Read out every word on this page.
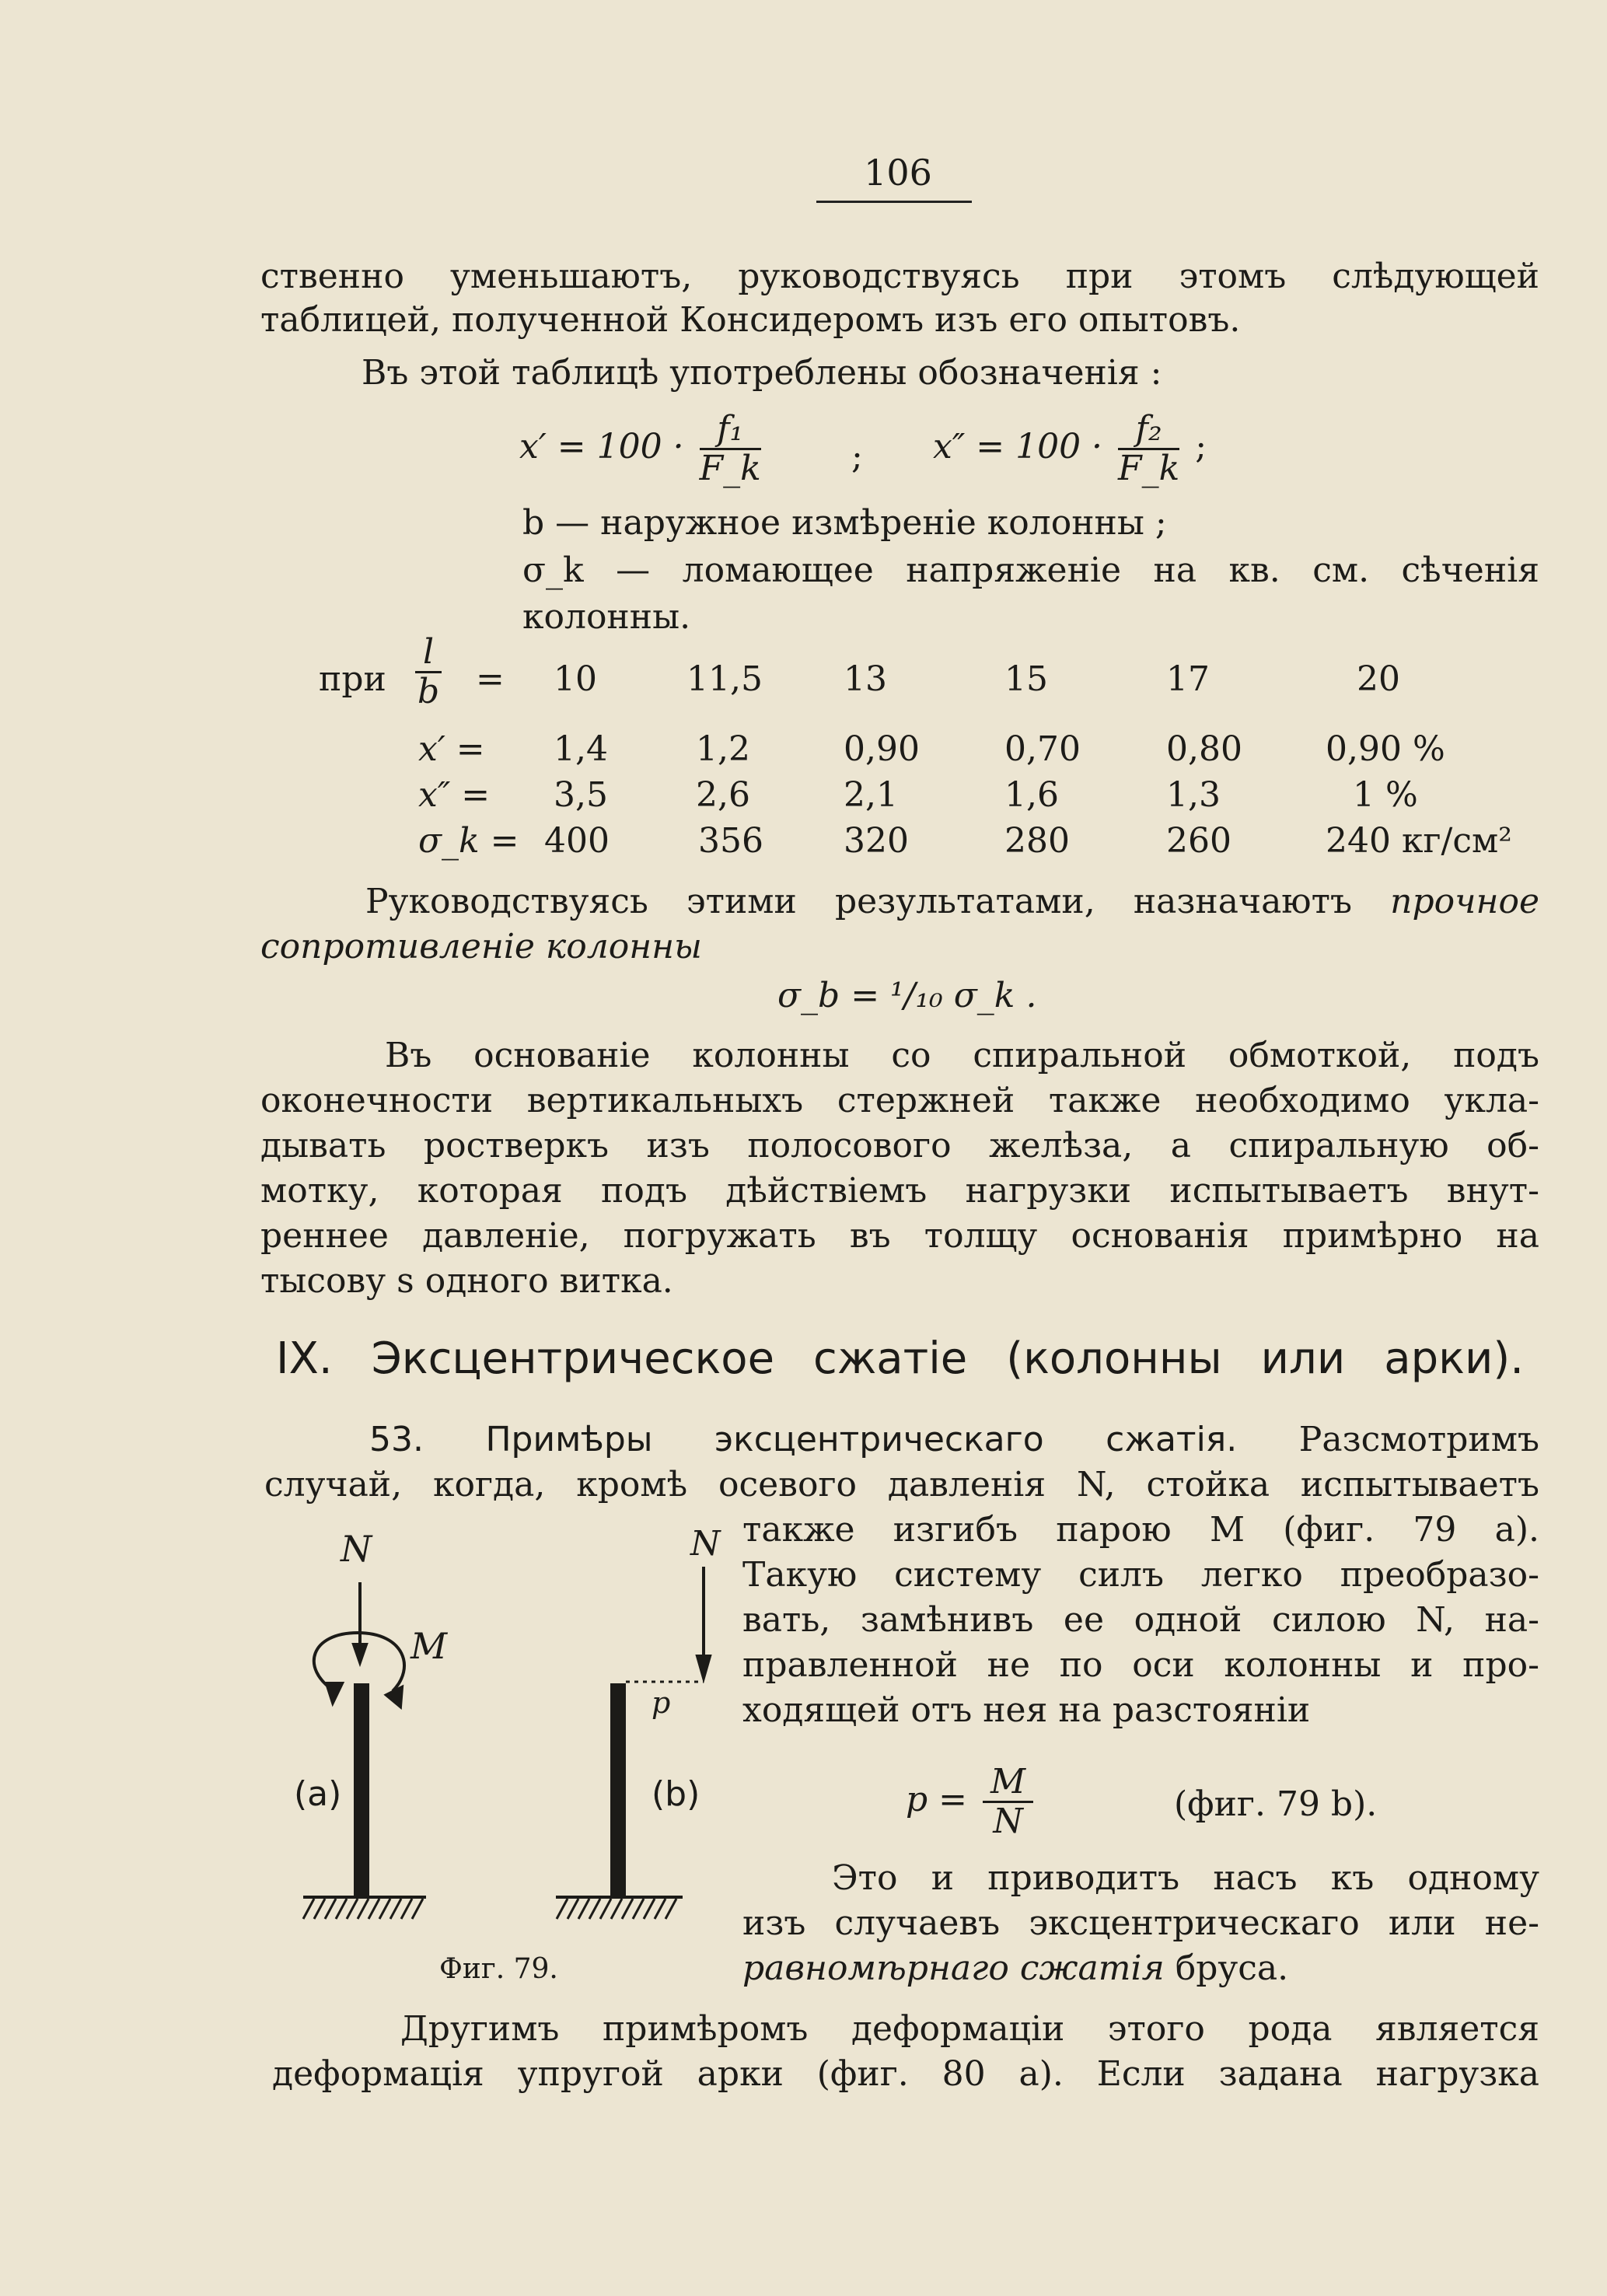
106
ственно уменьшаютъ, руководствуясь при этомъ слѣдующей
таблицей, полученной Консидеромъ изъ его опытовъ.
Въ этой таблицѣ употреблены обозначенія :
$x' = 100 \cdot \frac{\text{f₁}}{F\_k}$	; $x'' = 100 \cdot \frac{\text{f₂}}{F\_k}$ ;
b — наружное измѣреніе колонны ;
σ_k — ломающее напряженіе на кв. см. сѣченія
колонны.
при $\frac{l}{b} = 10$	11,5 13	15	17	20
x′ = 1,4	1,2	0,90 0,70	0,80 0,90 %
x″ = 3,5	2,6	2,1	1,6	1,3	1 %
σ_k = 400	356 320	280	260	240 кг/см²
Руководствуясь этими результатами, назначаютъ прочное
сопротивленіе колонны
σ_b = ¹/₁₀ σ_k .
Въ основаніе колонны со спиральной обмоткой, подъ
оконечности вертикальныхъ стержней также необходимо укла-
дывать ростверкъ изъ полосового желѣза, а спиральную об-
мотку, которая подъ дѣйствіемъ нагрузки испытываетъ внут-
реннее давленіе, погружать въ толщу основанія примѣрно на
тысову s одного витка.
IX. Эксцентрическое сжатіе (колонны или арки).
53. Примѣры эксцентрическаго сжатія. Разсмотримъ
случай, когда, кромѣ осевого давленія N, стойка испытываетъ
также изгибъ парою M (фиг. 79 a).
Такую систему силъ легко преобразо-
вать, замѣнивъ ее одной силою N, на-
правленной не по оси колонны и про-
ходящей отъ нея на разстояніи
$p = \frac{M}{N}$	(фиг. 79 b).
Это и приводитъ насъ къ одному
изъ случаевъ эксцентрическаго или не-
равномѣрнаго сжатія бруса.
N
M
N
p
(a)	(b)
Фиг. 79.
Другимъ примѣромъ деформаціи этого рода является
деформація упругой арки (фиг. 80 a). Если задана нагрузка
